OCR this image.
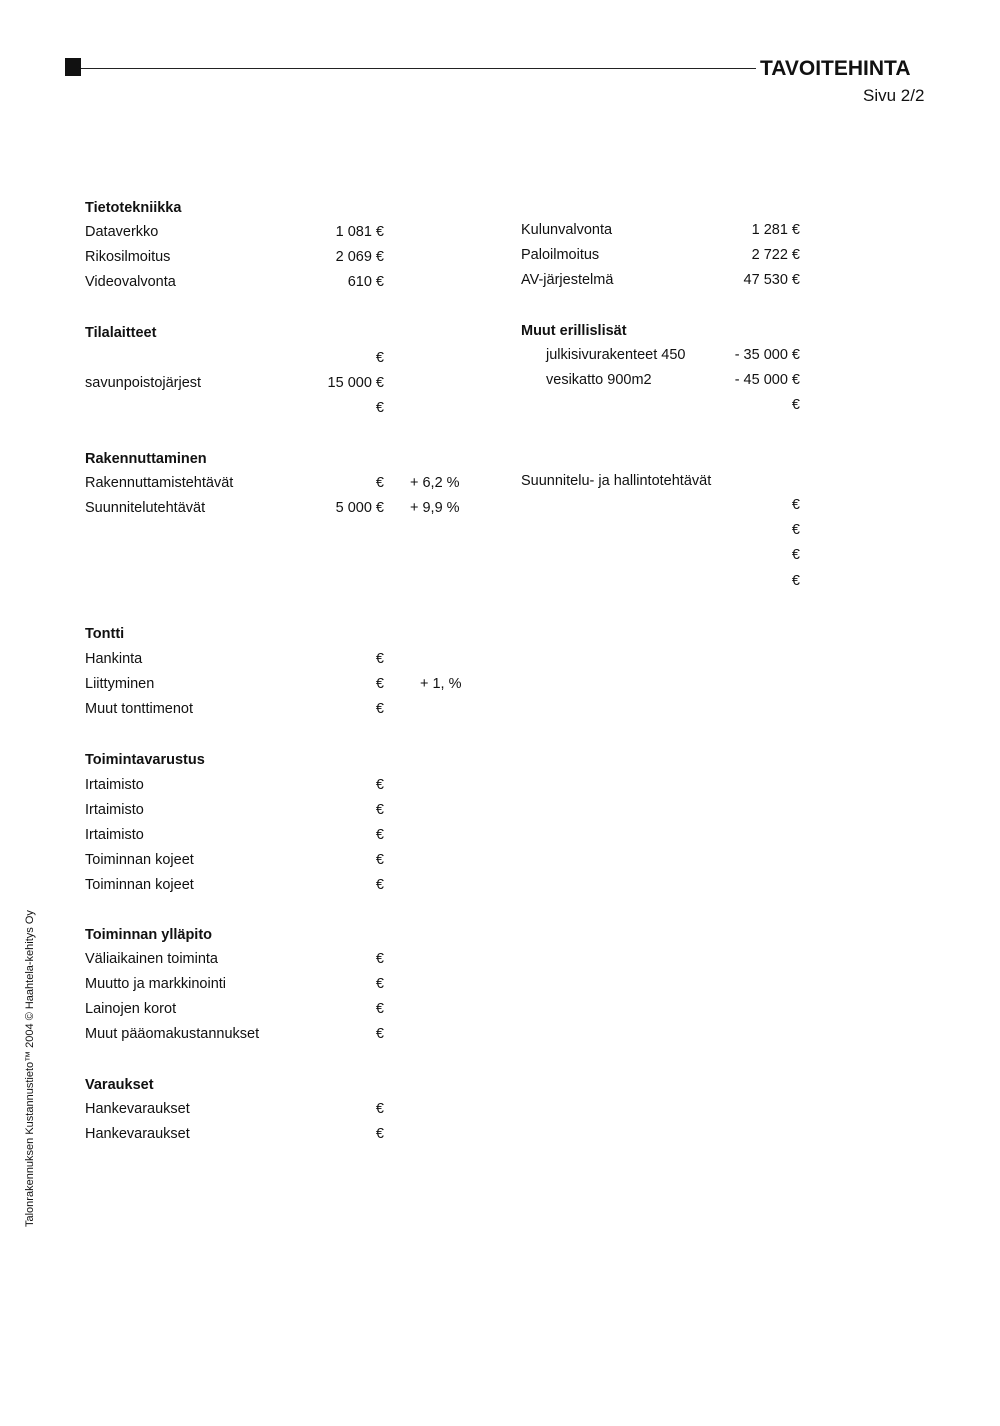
TAVOITEHINTA
Sivu 2/2
Talonrakennuksen Kustannustieto™ 2004 © Haahtela-kehitys Oy
Tietotekniikka
Dataverkko	1 081 €
Rikosilmoitus	2 069 €
Videovalvonta	610 €
Kulunvalvonta	1 281 €
Paloilmoitus	2 722 €
AV-järjestelmä	47 530 €
Tilalaitteet
€
savunpoistojärjest	15 000 €
€
Muut erillislisät
julkisivurakenteet 450	- 35 000 €
vesikatto 900m2	- 45 000 €
€
Rakennuttaminen
Rakennuttamistehtävät	€ + 6,2 %
Suunnitelutehtävät	5 000 € + 9,9 %
Suunnitelu- ja hallintotehtävät
€
€
€
€
Tontti
Hankinta	€
Liittyminen	€ + 1, %
Muut tonttimenot	€
Toimintavarustus
Irtaimisto	€
Irtaimisto	€
Irtaimisto	€
Toiminnan kojeet	€
Toiminnan kojeet	€
Toiminnan ylläpito
Väliaikainen toiminta	€
Muutto ja markkinointi	€
Lainojen korot	€
Muut pääomakustannukset	€
Varaukset
Hankevaraukset	€
Hankevaraukset	€
